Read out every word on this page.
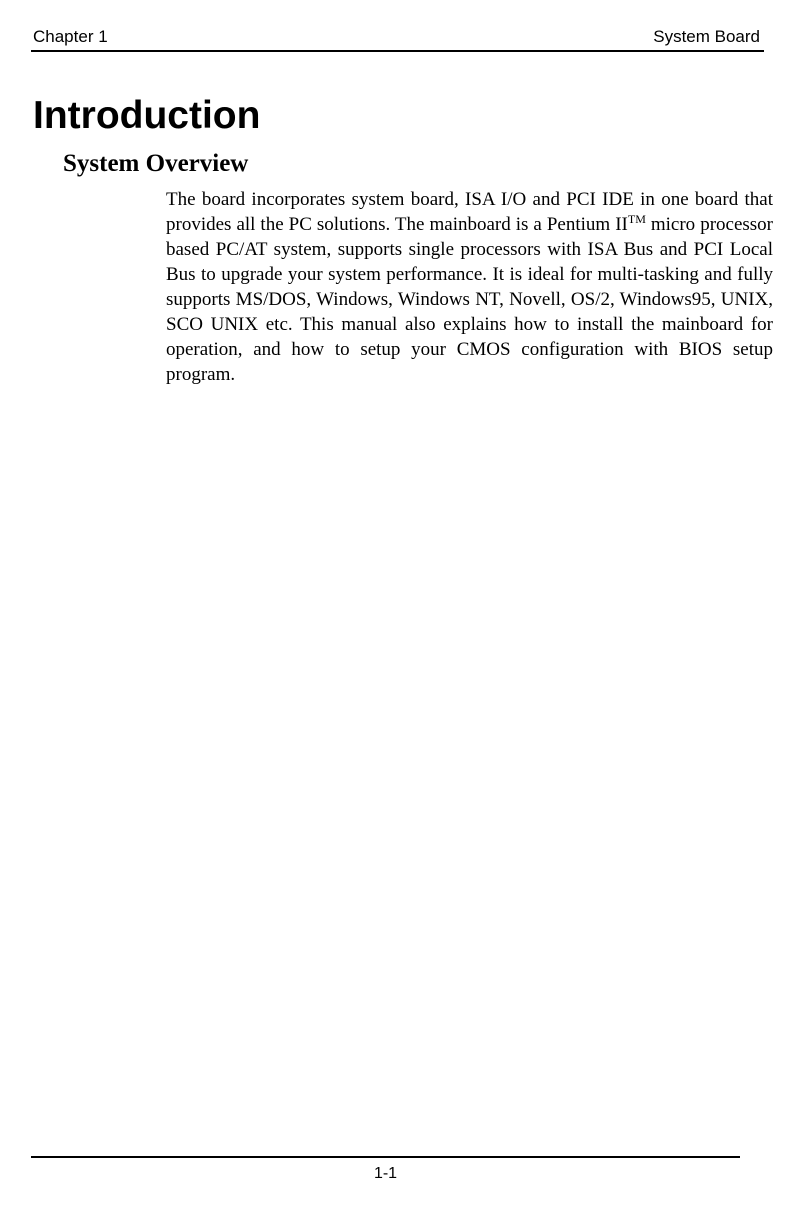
Chapter 1	System Board
Introduction
System Overview

The board incorporates system board, ISA I/O and PCI IDE in one board that provides all the PC solutions. The mainboard is a Pentium II™ micro processor based PC/AT system, supports single processors with ISA Bus and PCI Local Bus to upgrade your system performance. It is ideal for multi-tasking and fully supports MS/DOS, Windows, Windows NT, Novell, OS/2, Windows95, UNIX, SCO UNIX etc. This manual also explains how to install the mainboard for operation, and how to setup your CMOS configuration with BIOS setup program.

1-1
